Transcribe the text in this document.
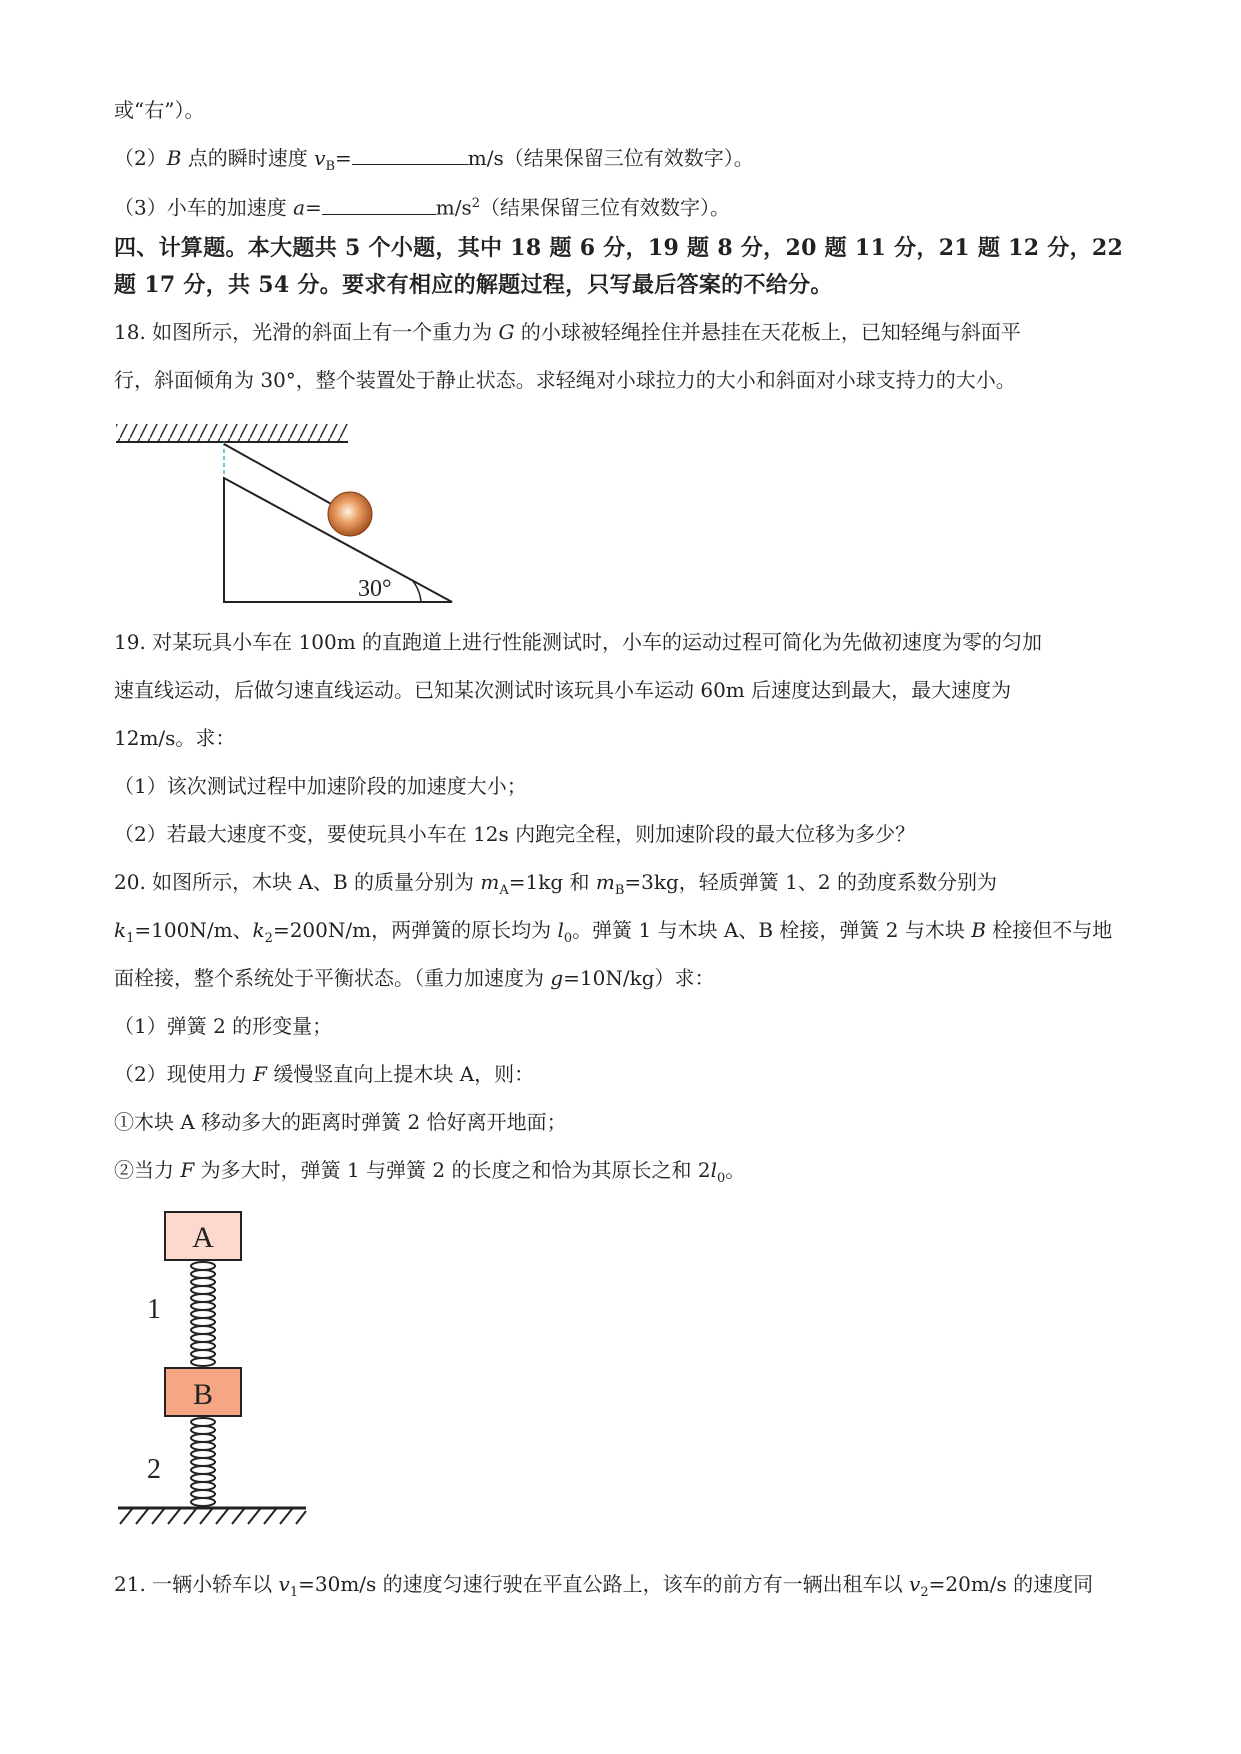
或“右”）。
（2）B 点的瞬时速度 $v_B=$	m/s（结果保留三位有效数字）。
（3）小车的加速度 a=	$m/s^2$（结果保留三位有效数字）。
四、计算题。本大题共 5 个小题，其中 18 题 6 分，19 题 8 分，20 题 11 分，21 题 12 分，22
题 17 分，共 54 分。要求有相应的解题过程，只写最后答案的不给分。
18. 如图所示，光滑的斜面上有一个重力为 G 的小球被轻绳拴住并悬挂在天花板上，已知轻绳与斜面平
行，斜面倾角为 30°，整个装置处于静止状态。求轻绳对小球拉力的大小和斜面对小球支持力的大小。
30°
19. 对某玩具小车在 100m 的直跑道上进行性能测试时，小车的运动过程可简化为先做初速度为零的匀加
速直线运动，后做匀速直线运动。已知某次测试时该玩具小车运动 60m 后速度达到最大，最大速度为
12m/s。求：
（1）该次测试过程中加速阶段的加速度大小；
（2）若最大速度不变，要使玩具小车在 12s 内跑完全程，则加速阶段的最大位移为多少？
20. 如图所示，木块 A、B 的质量分别为 $m_A=1kg$ 和 $m_B=3kg$，轻质弹簧 1、2 的劲度系数分别为
$k_1=100N/m$、$k_2=200N/m$，两弹簧的原长均为 $l_0$。弹簧 1 与木块 A、B 栓接，弹簧 2 与木块 B 栓接但不与地
面栓接，整个系统处于平衡状态。（重力加速度为 g=10N/kg）求：
（1）弹簧 2 的形变量；
（2）现使用力 F 缓慢竖直向上提木块 A，则：
①木块 A 移动多大的距离时弹簧 2 恰好离开地面；
②当力 F 为多大时，弹簧 1 与弹簧 2 的长度之和恰为其原长之和 $2l_0$。
A
1
B
2
21. 一辆小轿车以 $v_1=30m/s$ 的速度匀速行驶在平直公路上，该车的前方有一辆出租车以 $v_2=20m/s$ 的速度同
